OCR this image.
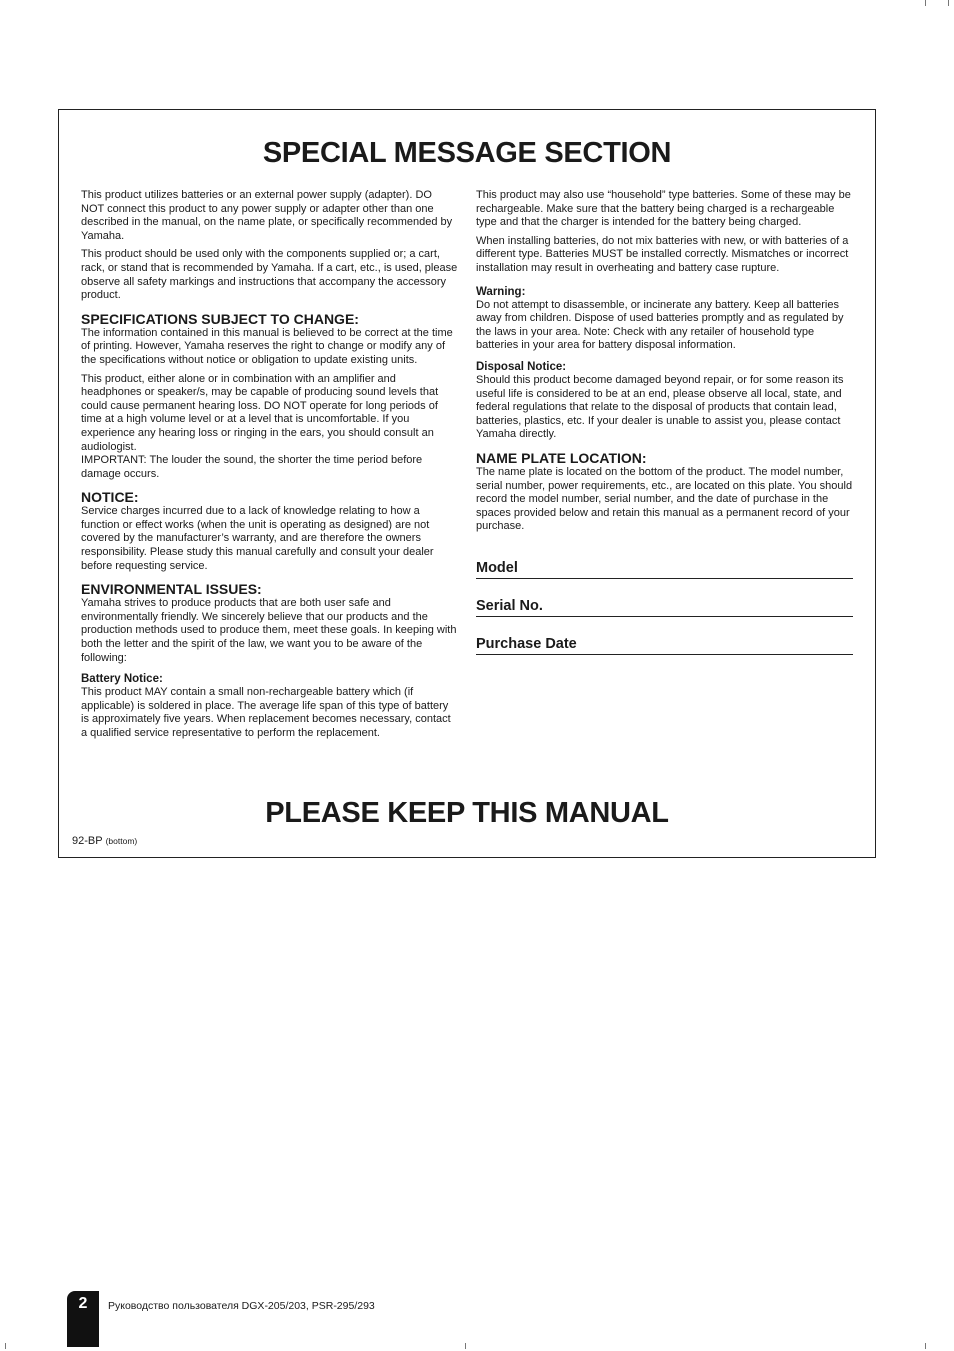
SPECIAL MESSAGE SECTION

This product utilizes batteries or an external power supply (adapter). DO NOT connect this product to any power supply or adapter other than one described in the manual, on the name plate, or specifically recommended by Yamaha.

This product should be used only with the components supplied or; a cart, rack, or stand that is recommended by Yamaha. If a cart, etc., is used, please observe all safety markings and instructions that accompany the accessory product.

SPECIFICATIONS SUBJECT TO CHANGE:

The information contained in this manual is believed to be correct at the time of printing. However, Yamaha reserves the right to change or modify any of the specifications without notice or obligation to update existing units.

This product, either alone or in combination with an amplifier and headphones or speaker/s, may be capable of producing sound levels that could cause permanent hearing loss. DO NOT operate for long periods of time at a high volume level or at a level that is uncomfortable. If you experience any hearing loss or ringing in the ears, you should consult an audiologist.

IMPORTANT: The louder the sound, the shorter the time period before damage occurs.

NOTICE:

Service charges incurred due to a lack of knowledge relating to how a function or effect works (when the unit is operating as designed) are not covered by the manufacturer’s warranty, and are therefore the owners responsibility. Please study this manual carefully and consult your dealer before requesting service.

ENVIRONMENTAL ISSUES:

Yamaha strives to produce products that are both user safe and environmentally friendly. We sincerely believe that our products and the production methods used to produce them, meet these goals. In keeping with both the letter and the spirit of the law, we want you to be aware of the following:

Battery Notice:

This product MAY contain a small non-rechargeable battery which (if applicable) is soldered in place. The average life span of this type of battery is approximately five years. When replacement becomes necessary, contact a qualified service representative to perform the replacement.

This product may also use “household” type batteries. Some of these may be rechargeable. Make sure that the battery being charged is a rechargeable type and that the charger is intended for the battery being charged.

When installing batteries, do not mix batteries with new, or with batteries of a different type. Batteries MUST be installed correctly. Mismatches or incorrect installation may result in overheating and battery case rupture.

Warning:

Do not attempt to disassemble, or incinerate any battery. Keep all batteries away from children. Dispose of used batteries promptly and as regulated by the laws in your area. Note: Check with any retailer of household type batteries in your area for battery disposal information.

Disposal Notice:

Should this product become damaged beyond repair, or for some reason its useful life is considered to be at an end, please observe all local, state, and federal regulations that relate to the disposal of products that contain lead, batteries, plastics, etc. If your dealer is unable to assist you, please contact Yamaha directly.

NAME PLATE LOCATION:

The name plate is located on the bottom of the product. The model number, serial number, power requirements, etc., are located on this plate. You should record the model number, serial number, and the date of purchase in the spaces provided below and retain this manual as a permanent record of your purchase.

Model
Serial No.
Purchase Date
PLEASE KEEP THIS MANUAL
92-BP (bottom)
2	Руководство пользователя DGX-205/203, PSR-295/293
